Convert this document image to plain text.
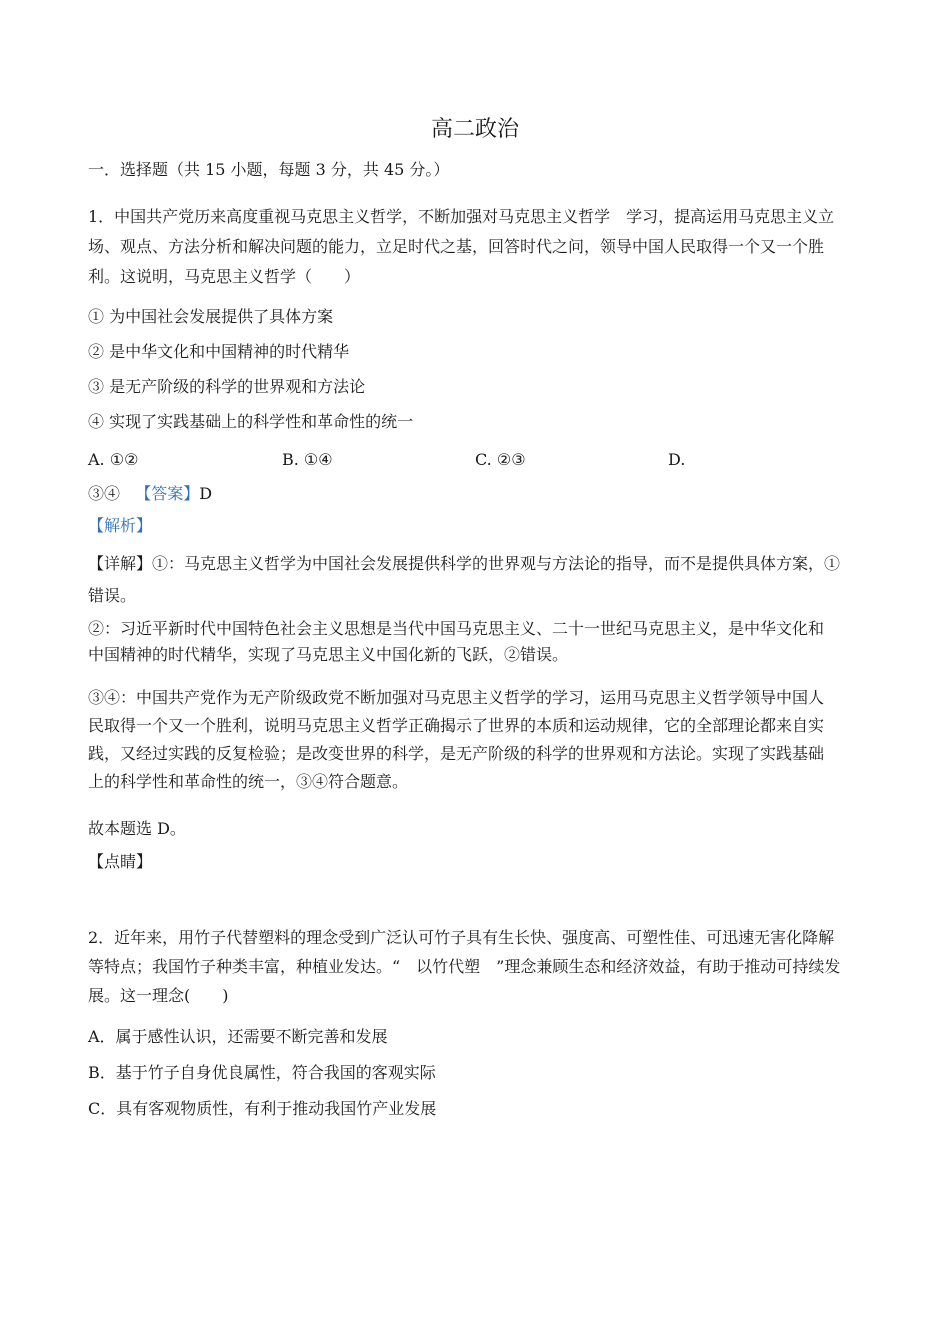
高二政治
一．选择题（共 15 小题，每题 3 分，共 45 分。）
1．中国共产党历来高度重视马克思主义哲学，不断加强对马克思主义哲学　学习，提高运用马克思主义立
场、观点、方法分析和解决问题的能力，立足时代之基，回答时代之问，领导中国人民取得一个又一个胜
利。这说明，马克思主义哲学（　　）
① 为中国社会发展提供了具体方案
② 是中华文化和中国精神的时代精华
③ 是无产阶级的科学的世界观和方法论
④ 实现了实践基础上的科学性和革命性的统一
A. ①②	B. ①④	C. ②③	D.
③④ 【答案】D
【解析】
【详解】①：马克思主义哲学为中国社会发展提供科学的世界观与方法论的指导，而不是提供具体方案，①
错误。
②：习近平新时代中国特色社会主义思想是当代中国马克思主义、二十一世纪马克思主义，是中华文化和
中国精神的时代精华，实现了马克思主义中国化新的飞跃，②错误。
③④：中国共产党作为无产阶级政党不断加强对马克思主义哲学的学习，运用马克思主义哲学领导中国人
民取得一个又一个胜利，说明马克思主义哲学正确揭示了世界的本质和运动规律，它的全部理论都来自实
践，又经过实践的反复检验；是改变世界的科学，是无产阶级的科学的世界观和方法论。实现了实践基础
上的科学性和革命性的统一，③④符合题意。
故本题选 D。
【点睛】
2．近年来，用竹子代替塑料的理念受到广泛认可竹子具有生长快、强度高、可塑性佳、可迅速无害化降解
等特点；我国竹子种类丰富，种植业发达。“　以竹代塑　”理念兼顾生态和经济效益，有助于推动可持续发
展。这一理念(　　)
A．属于感性认识，还需要不断完善和发展
B．基于竹子自身优良属性，符合我国的客观实际
C．具有客观物质性，有利于推动我国竹产业发展
